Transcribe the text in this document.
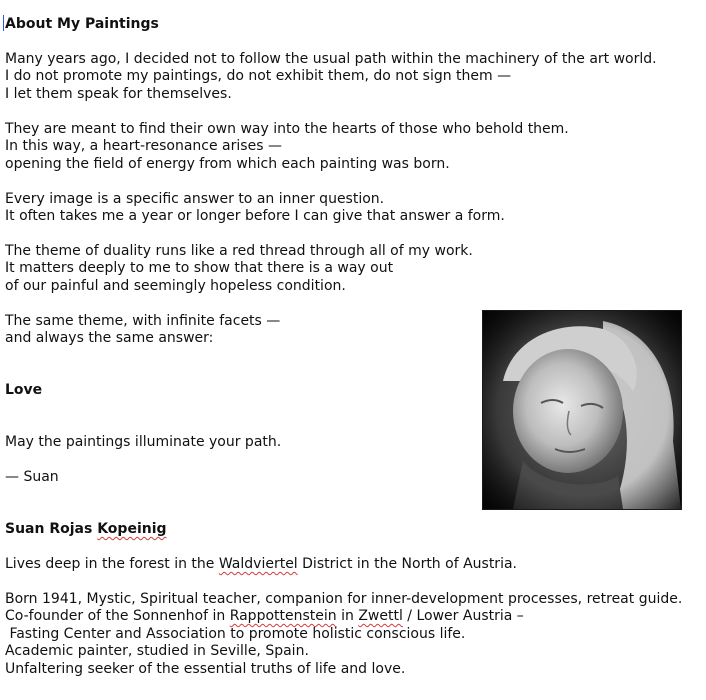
About My Paintings
Many years ago, I decided not to follow the usual path within the machinery of the art world.
I do not promote my paintings, do not exhibit them, do not sign them —
I let them speak for themselves.
They are meant to find their own way into the hearts of those who behold them.
In this way, a heart-resonance arises —
opening the field of energy from which each painting was born.
Every image is a specific answer to an inner question.
It often takes me a year or longer before I can give that answer a form.
The theme of duality runs like a red thread through all of my work.
It matters deeply to me to show that there is a way out
of our painful and seemingly hopeless condition.
The same theme, with infinite facets —
and always the same answer:
Love
May the paintings illuminate your path.
— Suan
Suan Rojas Kopeinig
Lives deep in the forest in the Waldviertel District in the North of Austria.
Born 1941, Mystic, Spiritual teacher, companion for inner-development processes, retreat guide.
Co-founder of the Sonnenhof in Rappottenstein in Zwettl / Lower Austria –
Fasting Center and Association to promote holistic conscious life.
Academic painter, studied in Seville, Spain.
Unfaltering seeker of the essential truths of life and love.
